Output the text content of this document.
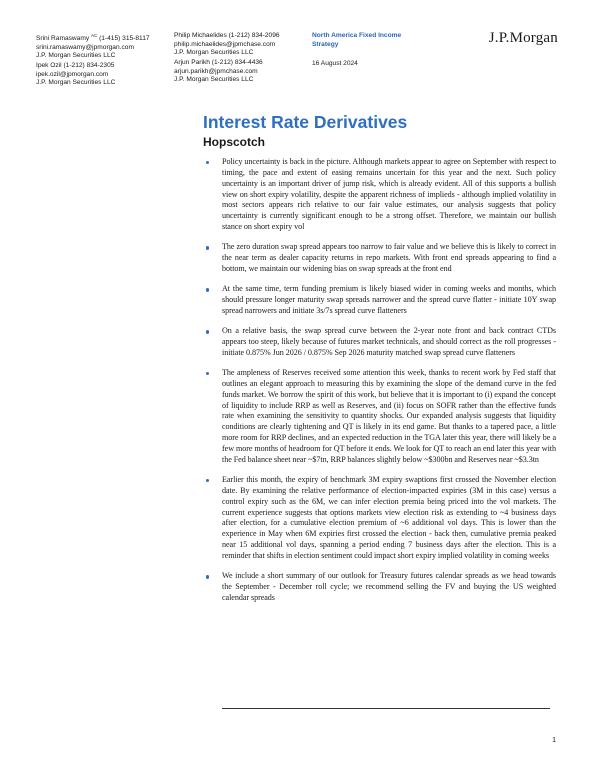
Srini Ramaswamy $^{AC}$ (1-415) 315-8117
srini.ramaswamy@jpmorgan.com
J.P. Morgan Securities LLC
Ipek Ozil (1-212) 834-2305
ipek.ozil@jpmorgan.com
J.P. Morgan Securities LLC
Philip Michaelides (1-212) 834-2096
philip.michaelides@jpmchase.com
J.P. Morgan Securities LLC
Arjun Parikh (1-212) 834-4436
arjun.parikh@jpmchase.com
J.P. Morgan Securities LLC
North America Fixed Income
Strategy
16 August 2024
J.P.Morgan
Interest Rate Derivatives
Hopscotch
Policy uncertainty is back in the picture. Although markets appear to agree on September with respect to timing, the pace and extent of easing remains uncertain for this year and the next. Such policy uncertainty is an important driver of jump risk, which is already evident. All of this supports a bullish view on short expiry volatility, despite the apparent richness of implieds - although implied volatility in most sectors appears rich relative to our fair value estimates, our analysis suggests that policy uncertainty is currently significant enough to be a strong offset. Therefore, we maintain our bullish stance on short expiry vol
The zero duration swap spread appears too narrow to fair value and we believe this is likely to correct in the near term as dealer capacity returns in repo markets. With front end spreads appearing to find a bottom, we maintain our widening bias on swap spreads at the front end
At the same time, term funding premium is likely biased wider in coming weeks and months, which should pressure longer maturity swap spreads narrower and the spread curve flatter - initiate 10Y swap spread narrowers and initiate 3s/7s spread curve flatteners
On a relative basis, the swap spread curve between the 2-year note front and back contract CTDs appears too steep, likely because of futures market technicals, and should correct as the roll progresses - initiate 0.875% Jun 2026 / 0.875% Sep 2026 maturity matched swap spread curve flatteners
The ampleness of Reserves received some attention this week, thanks to recent work by Fed staff that outlines an elegant approach to measuring this by examining the slope of the demand curve in the fed funds market. We borrow the spirit of this work, but believe that it is important to (i) expand the concept of liquidity to include RRP as well as Reserves, and (ii) focus on SOFR rather than the effective funds rate when examining the sensitivity to quantity shocks. Our expanded analysis suggests that liquidity conditions are clearly tightening and QT is likely in its end game. But thanks to a tapered pace, a little more room for RRP declines, and an expected reduction in the TGA later this year, there will likely be a few more months of headroom for QT before it ends. We look for QT to reach an end later this year with the Fed balance sheet near ~$7tn, RRP balances slightly below ~$300bn and Reserves near ~$3.3tn
Earlier this month, the expiry of benchmark 3M expiry swaptions first crossed the November election date. By examining the relative performance of election-impacted expiries (3M in this case) versus a control expiry such as the 6M, we can infer election premia being priced into the vol markets. The current experience suggests that options markets view election risk as extending to ~4 business days after election, for a cumulative election premium of ~6 additional vol days. This is lower than the experience in May when 6M expiries first crossed the election - back then, cumulative premia peaked near 15 additional vol days, spanning a period ending 7 business days after the election. This is a reminder that shifts in election sentiment could impact short expiry implied volatility in coming weeks
We include a short summary of our outlook for Treasury futures calendar spreads as we head towards the September - December roll cycle; we recommend selling the FV and buying the US weighted calendar spreads
1
